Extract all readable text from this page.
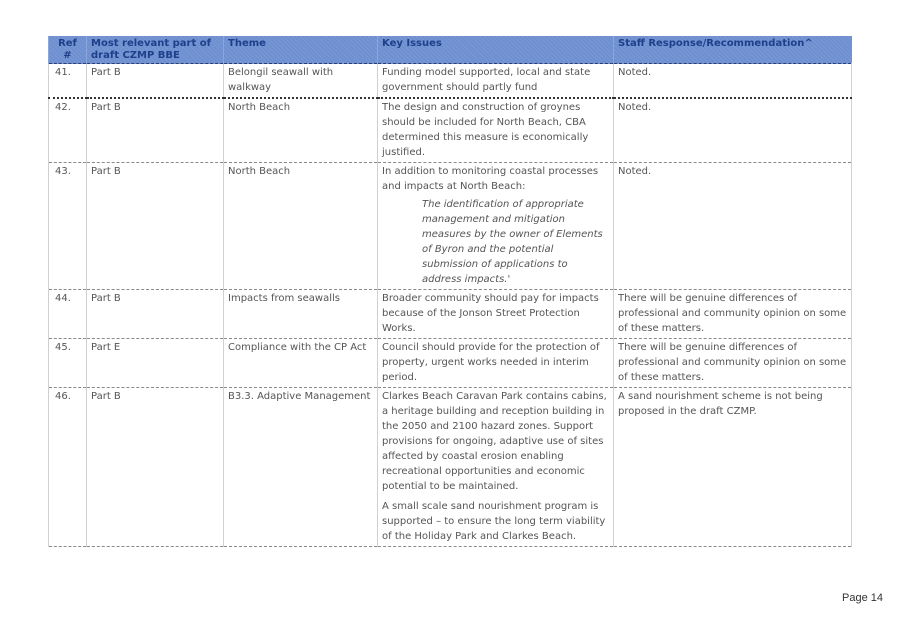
Ref #	Most relevant part of draft CZMP BBE	Theme	Key Issues	Staff Response/Recommendation^
41.	Part B	Belongil seawall with walkway	Funding model supported, local and state government should partly fund	Noted.
42.	Part B	North Beach	The design and construction of groynes should be included for North Beach, CBA determined this measure is economically justified.	Noted.
43.	Part B	North Beach	In addition to monitoring coastal processes and impacts at North Beach:

The identification of appropriate management and mitigation measures by the owner of Elements of Byron and the potential submission of applications to address impacts.'	Noted.
44.	Part B	Impacts from seawalls	Broader community should pay for impacts because of the Jonson Street Protection Works.	There will be genuine differences of professional and community opinion on some of these matters.
45.	Part E	Compliance with the CP Act	Council should provide for the protection of property, urgent works needed in interim period.	There will be genuine differences of professional and community opinion on some of these matters.
46.	Part B	B3.3. Adaptive Management	Clarkes Beach Caravan Park contains cabins, a heritage building and reception building in the 2050 and 2100 hazard zones. Support provisions for ongoing, adaptive use of sites affected by coastal erosion enabling recreational opportunities and economic potential to be maintained.

A small scale sand nourishment program is supported – to ensure the long term viability of the Holiday Park and Clarkes Beach.	A sand nourishment scheme is not being proposed in the draft CZMP.
Page 14
